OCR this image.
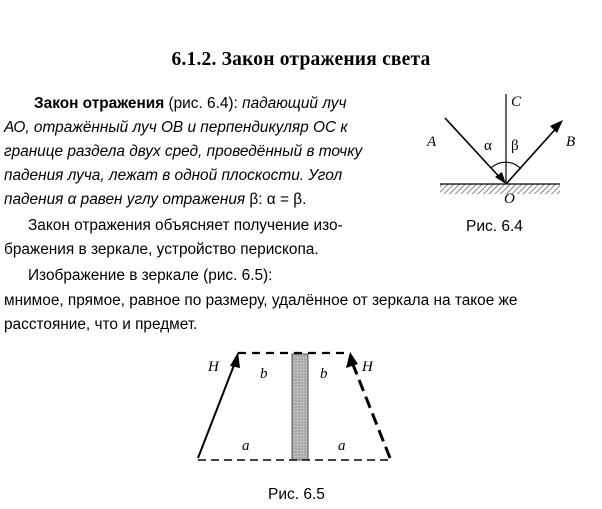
6.1.2. Закон отражения света
Закон отражения (рис. 6.4): падающий луч
АО, отражённый луч ОВ и перпендикуляр ОС к
границе раздела двух сред, проведённый в точку
падения луча, лежат в одной плоскости. Угол
падения α равен углу отражения β: α = β.
Закон отражения объясняет получение изо-
бражения в зеркале, устройство перископа.
Изображение в зеркале (рис. 6.5):
мнимое, прямое, равное по размеру, удалённое от зеркала на такое же
расстояние, что и предмет.
A	B
C
O
α β
Рис. 6.4
H	H
b	b
a	a
Рис. 6.5
